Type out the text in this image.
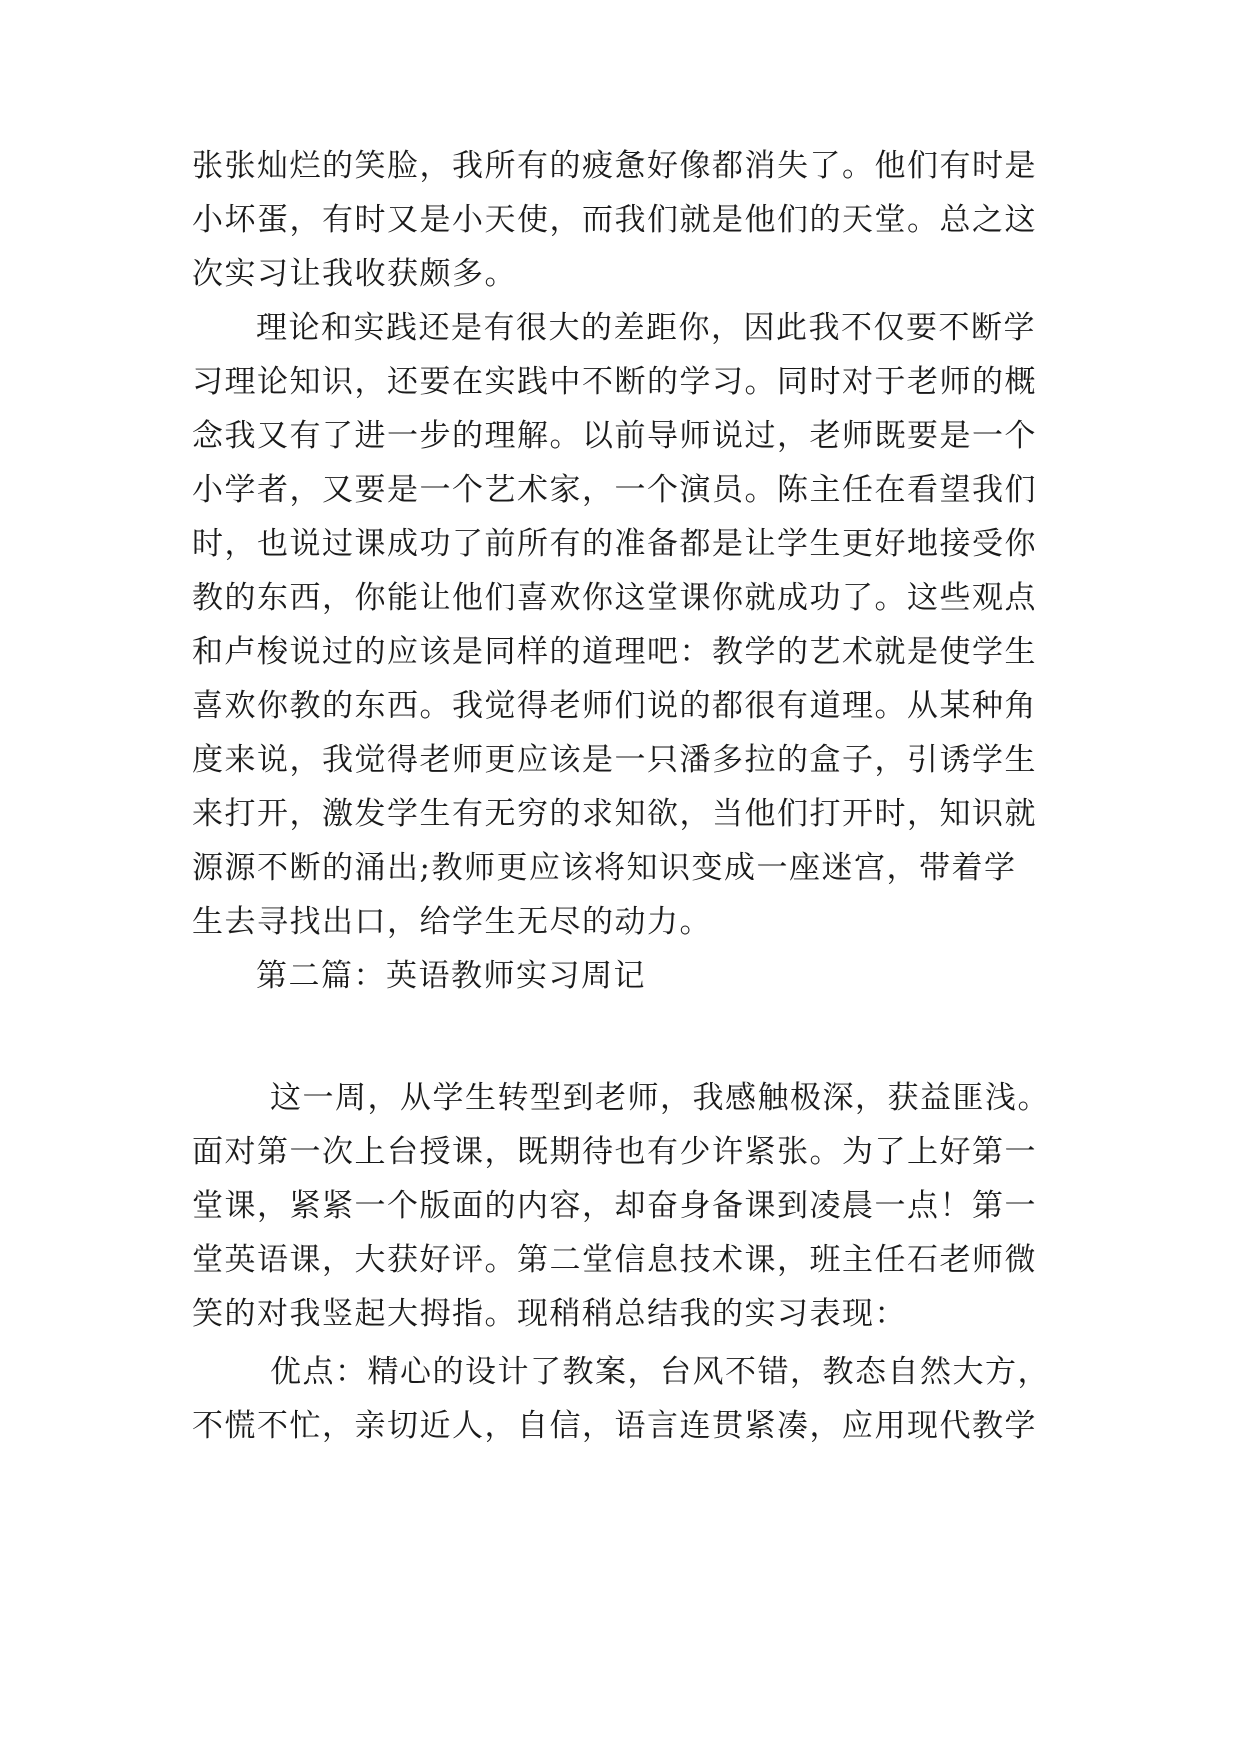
张张灿烂的笑脸，我所有的疲惫好像都消失了。他们有时是
小坏蛋，有时又是小天使，而我们就是他们的天堂。总之这
次实习让我收获颇多。
理论和实践还是有很大的差距你，因此我不仅要不断学
习理论知识，还要在实践中不断的学习。同时对于老师的概
念我又有了进一步的理解。以前导师说过，老师既要是一个
小学者，又要是一个艺术家，一个演员。陈主任在看望我们
时，也说过课成功了前所有的准备都是让学生更好地接受你
教的东西，你能让他们喜欢你这堂课你就成功了。这些观点
和卢梭说过的应该是同样的道理吧：教学的艺术就是使学生
喜欢你教的东西。我觉得老师们说的都很有道理。从某种角
度来说，我觉得老师更应该是一只潘多拉的盒子，引诱学生
来打开，激发学生有无穷的求知欲，当他们打开时，知识就
源源不断的涌出;教师更应该将知识变成一座迷宫，带着学
生去寻找出口，给学生无尽的动力。
第二篇：英语教师实习周记
这一周，从学生转型到老师，我感触极深，获益匪浅。
面对第一次上台授课，既期待也有少许紧张。为了上好第一
堂课，紧紧一个版面的内容，却奋身备课到凌晨一点！第一
堂英语课，大获好评。第二堂信息技术课，班主任石老师微
笑的对我竖起大拇指。现稍稍总结我的实习表现：
优点：精心的设计了教案，台风不错，教态自然大方，
不慌不忙，亲切近人，自信，语言连贯紧凑，应用现代教学
